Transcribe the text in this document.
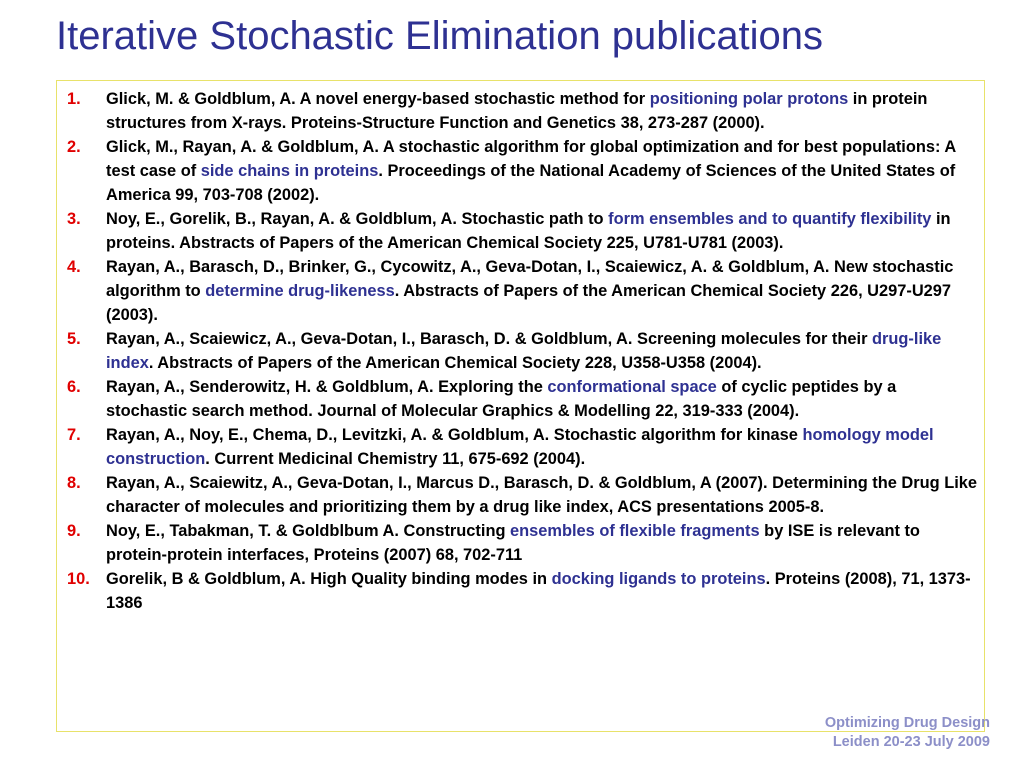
Iterative Stochastic Elimination publications
1. Glick, M. & Goldblum, A. A novel energy-based stochastic method for positioning polar protons in protein structures from X-rays. Proteins-Structure Function and Genetics 38, 273-287 (2000).
2. Glick, M., Rayan, A. & Goldblum, A. A stochastic algorithm for global optimization and for best populations: A test case of side chains in proteins. Proceedings of the National Academy of Sciences of the United States of America 99, 703-708 (2002).
3. Noy, E., Gorelik, B., Rayan, A. & Goldblum, A. Stochastic path to form ensembles and to quantify flexibility in proteins. Abstracts of Papers of the American Chemical Society 225, U781-U781 (2003).
4. Rayan, A., Barasch, D., Brinker, G., Cycowitz, A., Geva-Dotan, I., Scaiewicz, A. & Goldblum, A. New stochastic algorithm to determine drug-likeness. Abstracts of Papers of the American Chemical Society 226, U297-U297 (2003).
5. Rayan, A., Scaiewicz, A., Geva-Dotan, I., Barasch, D. & Goldblum, A. Screening molecules for their drug-like index. Abstracts of Papers of the American Chemical Society 228, U358-U358 (2004).
6. Rayan, A., Senderowitz, H. & Goldblum, A. Exploring the conformational space of cyclic peptides by a stochastic search method. Journal of Molecular Graphics & Modelling 22, 319-333 (2004).
7. Rayan, A., Noy, E., Chema, D., Levitzki, A. & Goldblum, A. Stochastic algorithm for kinase homology model construction. Current Medicinal Chemistry 11, 675-692 (2004).
8. Rayan, A., Scaiewitz, A., Geva-Dotan, I., Marcus D., Barasch, D. & Goldblum, A (2007). Determining the Drug Like character of molecules and prioritizing them by a drug like index, ACS presentations 2005-8.
9. Noy, E., Tabakman, T. & Goldblbum A. Constructing ensembles of flexible fragments by ISE is relevant to protein-protein interfaces, Proteins (2007) 68, 702-711
10. Gorelik, B & Goldblum, A. High Quality binding modes in docking ligands to proteins. Proteins (2008), 71, 1373-1386
Optimizing Drug Design
Leiden 20-23 July 2009
